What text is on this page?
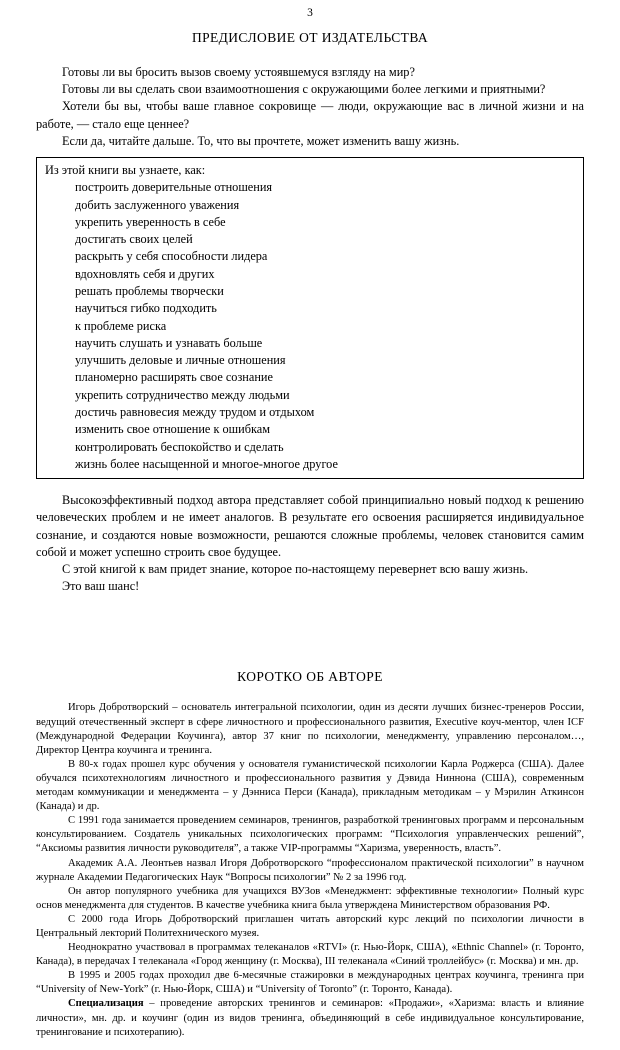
3
ПРЕДИСЛОВИЕ ОТ ИЗДАТЕЛЬСТВА

Готовы ли вы бросить вызов своему устоявшемуся взгляду на мир?

Готовы ли вы сделать свои взаимоотношения с окружающими более легкими и приятными?

Хотели бы вы, чтобы ваше главное сокровище — люди, окружающие вас в личной жизни и на работе, — стало еще ценнее?

Если да, читайте дальше. То, что вы прочтете, может изменить вашу жизнь.

Из этой книги вы узнаете, как:

построить доверительные отношения
добить заслуженного уважения
укрепить уверенность в себе
достигать своих целей
раскрыть у себя способности лидера
вдохновлять себя и других
решать проблемы творчески
научиться гибко подходить
к проблеме риска
научить слушать и узнавать больше
улучшить деловые и личные отношения
планомерно расширять свое сознание
укрепить сотрудничество между людьми
достичь равновесия между трудом и отдыхом
изменить свое отношение к ошибкам
контролировать беспокойство и сделать
жизнь более насыщенной и многое-многое другое

Высокоэффективный подход автора представляет собой принципиально новый подход к решению человеческих проблем и не имеет аналогов. В результате его освоения расширяется индивидуальное сознание, и создаются новые возможности, решаются сложные проблемы, человек становится самим собой и может успешно строить свое будущее.

С этой книгой к вам придет знание, которое по-настоящему перевернет всю вашу жизнь.

Это ваш шанс!

КОРОТКО ОБ АВТОРЕ

Игорь Добротворский – основатель интегральной психологии, один из десяти лучших бизнес-тренеров России, ведущий отечественный эксперт в сфере личностного и профессионального развития, Executive коуч-ментор, член ICF (Международной Федерации Коучинга), автор 37 книг по психологии, менеджменту, управлению персоналом…, Директор Центра коучинга и тренинга.

В 80-х годах прошел курс обучения у основателя гуманистической психологии Карла Роджерса (США). Далее обучался психотехнологиям личностного и профессионального развития у Дэвида Ниннона (США), современным методам коммуникации и менеджмента – у Дэнниса Перси (Канада), прикладным методикам – у Мэрилин Аткинсон (Канада) и др.

С 1991 года занимается проведением семинаров, тренингов, разработкой тренинговых программ и персональным консультированием. Создатель уникальных психологических программ: “Психология управленческих решений”, “Аксиомы развития личности руководителя”, а также VIP-программы “Харизма, уверенность, власть”.

Академик А.А. Леонтьев назвал Игоря Добротворского “профессионалом практической психологии” в научном журнале Академии Педагогических Наук “Вопросы психологии” № 2 за 1996 год.

Он автор популярного учебника для учащихся ВУЗов «Менеджмент: эффективные технологии» Полный курс основ менеджмента для студентов. В качестве учебника книга была утверждена Министерством образования РФ.

С 2000 года Игорь Добротворский приглашен читать авторский курс лекций по психологии личности в Центральный лекторий Политехнического музея.

Неоднократно участвовал в программах телеканалов «RTVI» (г. Нью-Йорк, США), «Ethnic Channel» (г. Торонто, Канада), в передачах I телеканала «Город женщину (г. Москва), III телеканала «Синий троллейбус» (г. Москва) и мн. др.

В 1995 и 2005 годах проходил две 6-месячные стажировки в международных центрах коучинга, тренинга при “University of New-York” (г. Нью-Йорк, США) и “University of Toronto” (г. Торонто, Канада).

Специализация – проведение авторских тренингов и семинаров: «Продажи», «Харизма: власть и влияние личности», мн. др. и коучинг (один из видов тренинга, объединяющий в себе индивидуальное консультирование, тренингование и психотерапию).
